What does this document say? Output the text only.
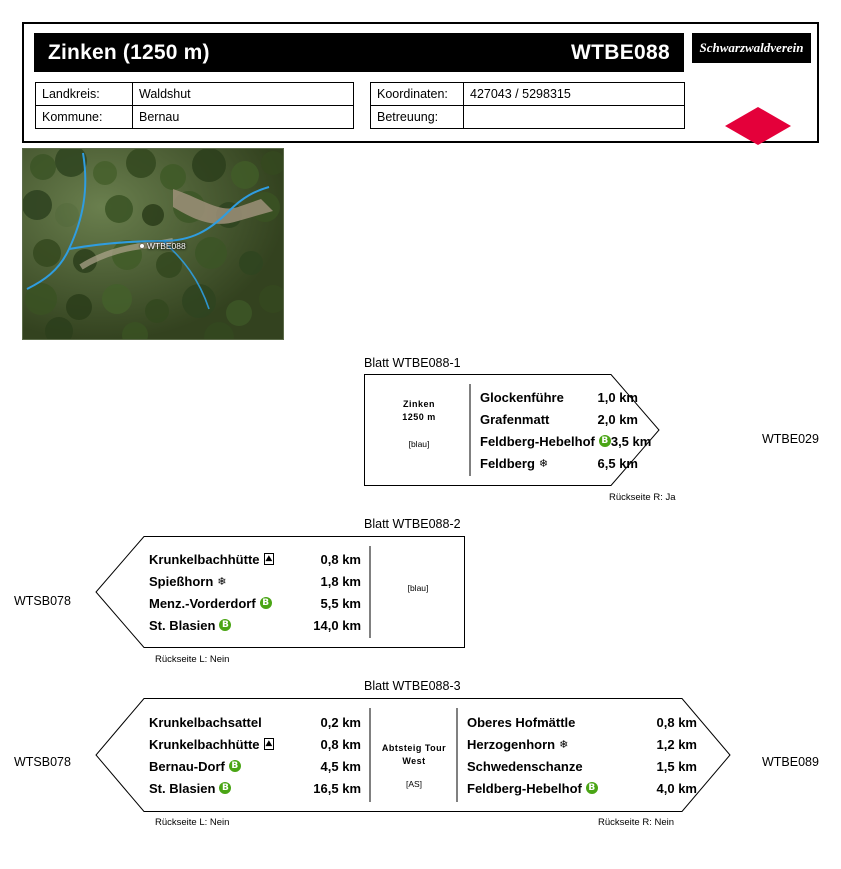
Zinken (1250 m)	WTBE088 Schwarzwaldverein
Landkreis:	Waldshut
Kommune:	Bernau
Koordinaten:	427043 / 5298315
Betreuung:	
WTBE088
Blatt WTBE088-1
Zinken
1250 m
[blau]
Glockenführe	1,0 km
Grafenmatt	2,0 km
Feldberg-Hebelhof B 3,5 km
Feldberg ❄	6,5 km
WTBE029
Rückseite R: Ja
Blatt WTBE088-2
Krunkelbachhütte ⛰	0,8 km
Spießhorn ❄	1,8 km
Menz.-Vorderdorf B	5,5 km
St. Blasien B	14,0 km
[blau]
WTSB078
Rückseite L: Nein
Blatt WTBE088-3
Krunkelbachsattel	0,2 km
Krunkelbachhütte ⛰	0,8 km
Bernau-Dorf B	4,5 km
St. Blasien B	16,5 km
Abtsteig Tour West
[AS]
Oberes Hofmättle	0,8 km
Herzogenhorn ❄	1,2 km
Schwedenschanze	1,5 km
Feldberg-Hebelhof B	4,0 km
WTSB078	WTBE089
Rückseite L: Nein	Rückseite R: Nein
